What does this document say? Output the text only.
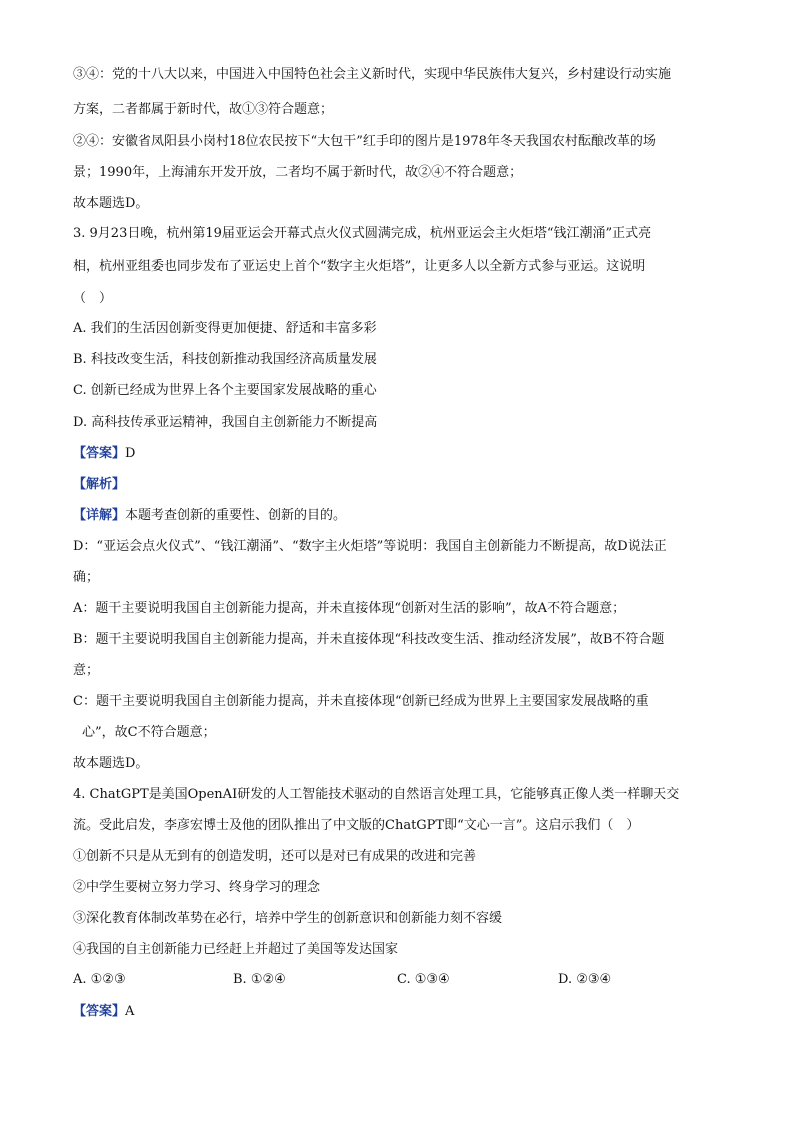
③④：党的十八大以来，中国进入中国特色社会主义新时代，实现中华民族伟大复兴，乡村建设行动实施
方案，二者都属于新时代，故①③符合题意；
②④：安徽省凤阳县小岗村18位农民按下“大包干”红手印的图片是1978年冬天我国农村酝酿改革的场
景；1990年，上海浦东开发开放，二者均不属于新时代，故②④不符合题意；
故本题选D。
3. 9月23日晚，杭州第19届亚运会开幕式点火仪式圆满完成，杭州亚运会主火炬塔“钱江潮涌”正式亮
相，杭州亚组委也同步发布了亚运史上首个“数字主火炬塔”，让更多人以全新方式参与亚运。这说明
（　）
A. 我们的生活因创新变得更加便捷、舒适和丰富多彩
B. 科技改变生活，科技创新推动我国经济高质量发展
C. 创新已经成为世界上各个主要国家发展战略的重心
D. 高科技传承亚运精神，我国自主创新能力不断提高
【答案】D
【解析】
【详解】本题考查创新的重要性、创新的目的。
D：“亚运会点火仪式”、“钱江潮涌”、“数字主火炬塔”等说明：我国自主创新能力不断提高，故D说法正
确；
A：题干主要说明我国自主创新能力提高，并未直接体现“创新对生活的影响”，故A不符合题意；
B：题干主要说明我国自主创新能力提高，并未直接体现“科技改变生活、推动经济发展”，故B不符合题
意；
C：题干主要说明我国自主创新能力提高，并未直接体现“创新已经成为世界上主要国家发展战略的重
心”，故C不符合题意；
故本题选D。
4. ChatGPT是美国OpenAI研发的人工智能技术驱动的自然语言处理工具，它能够真正像人类一样聊天交
流。受此启发，李彦宏博士及他的团队推出了中文版的ChatGPT即“文心一言”。这启示我们（　）
①创新不只是从无到有的创造发明，还可以是对已有成果的改进和完善
②中学生要树立努力学习、终身学习的理念
③深化教育体制改革势在必行，培养中学生的创新意识和创新能力刻不容缓
④我国的自主创新能力已经赶上并超过了美国等发达国家
A. ①②③	B. ①②④	C. ①③④	D. ②③④
【答案】A
